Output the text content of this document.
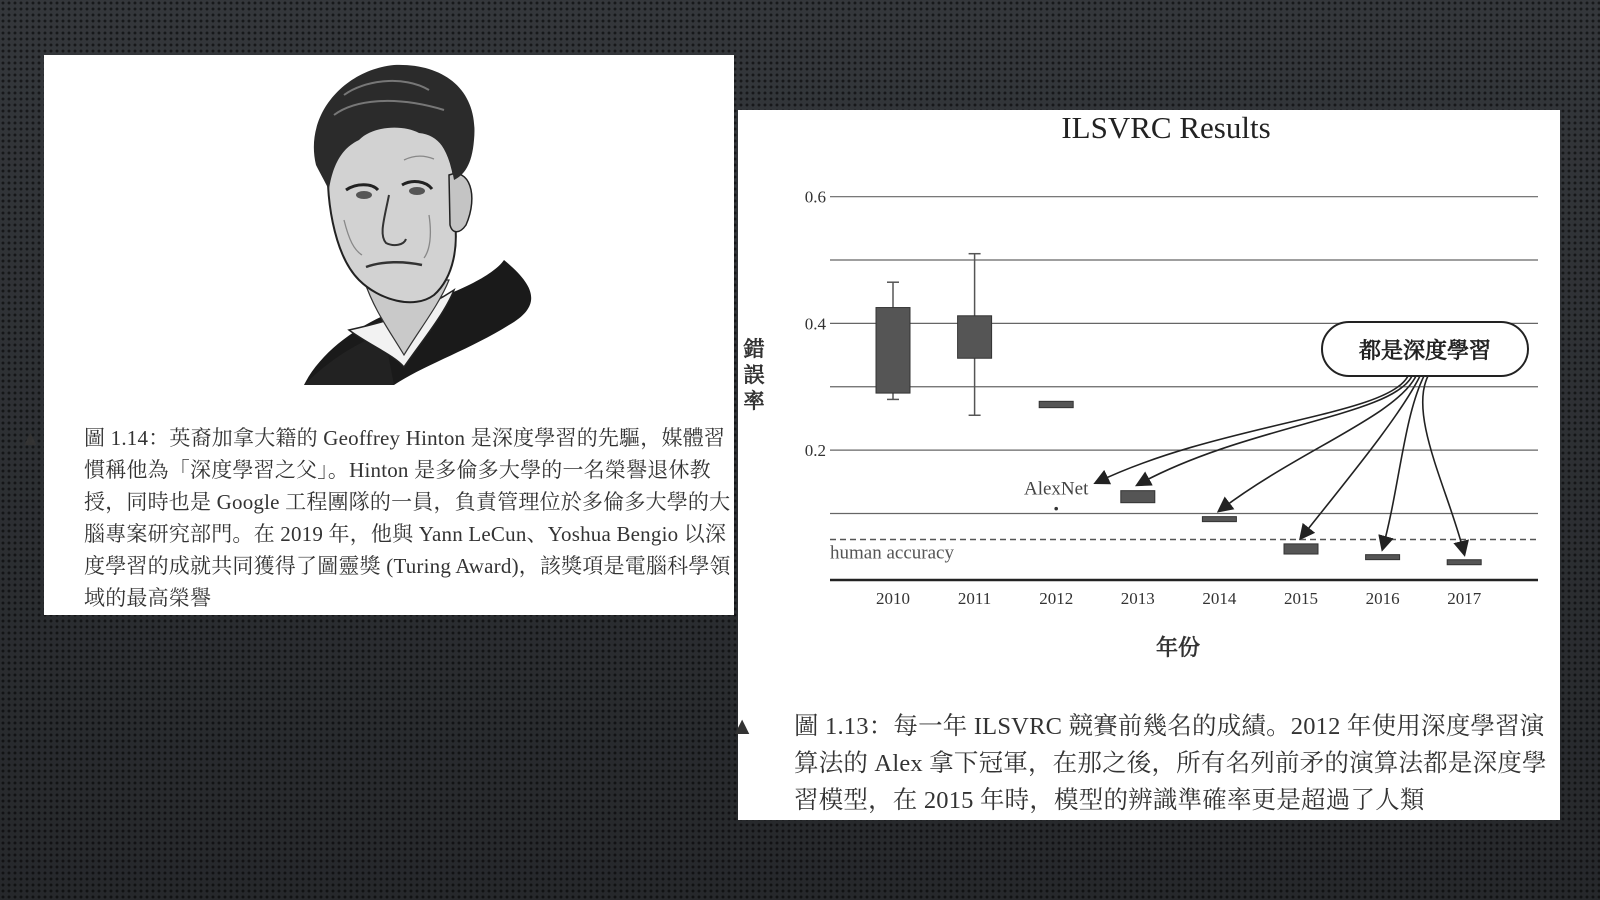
▲ 圖 1.14：英裔加拿大籍的 Geoffrey Hinton 是深度學習的先驅，媒體習慣稱他為「深度學習之父」。Hinton 是多倫多大學的一名榮譽退休教授，同時也是 Google 工程團隊的一員，負責管理位於多倫多大學的大腦專案研究部門。在 2019 年，他與 Yann LeCun、Yoshua Bengio 以深度學習的成就共同獲得了圖靈獎 (Turing Award)，該獎項是電腦科學領域的最高榮譽
human accuracy
0.2
0.4
0.6
2010	2011	2012	2013	2014	2015	2016	2017
ILSVRC Results
AlexNet
錯
誤
率
年份
都是深度學習
▲ 圖 1.13：每一年 ILSVRC 競賽前幾名的成績。2012 年使用深度學習演算法的 Alex 拿下冠軍，在那之後，所有名列前矛的演算法都是深度學習模型，在 2015 年時，模型的辨識準確率更是超過了人類
